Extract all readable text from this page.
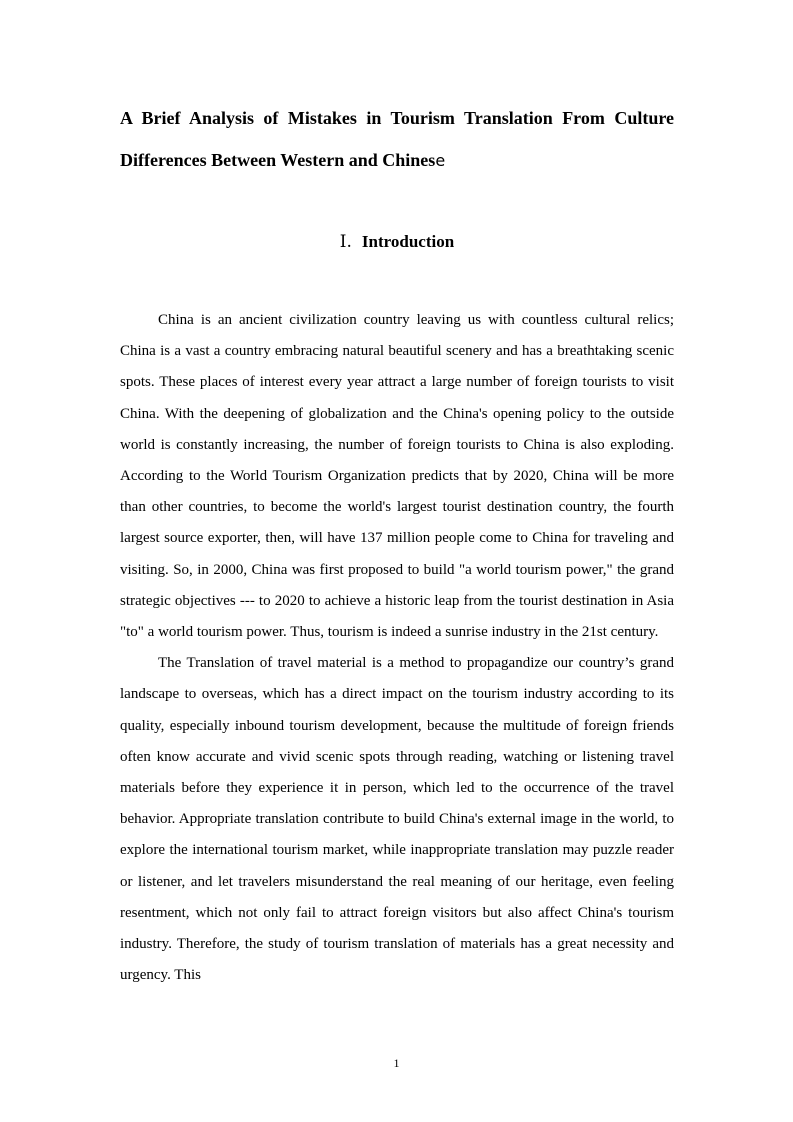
A Brief Analysis of Mistakes in Tourism Translation From Culture
Differences Between Western and Chinese
Ⅰ. Introduction

China is an ancient civilization country leaving us with countless cultural relics; China is a vast a country embracing natural beautiful scenery and has a breathtaking scenic spots. These places of interest every year attract a large number of foreign tourists to visit China. With the deepening of globalization and the China's opening policy to the outside world is constantly increasing, the number of foreign tourists to China is also exploding. According to the World Tourism Organization predicts that by 2020, China will be more than other countries, to become the world's largest tourist destination country, the fourth largest source exporter, then, will have 137 million people come to China for traveling and visiting. So, in 2000, China was first proposed to build "a world tourism power," the grand strategic objectives --- to 2020 to achieve a historic leap from the tourist destination in Asia "to" a world tourism power. Thus, tourism is indeed a sunrise industry in the 21st century.

The Translation of travel material is a method to propagandize our country’s grand landscape to overseas, which has a direct impact on the tourism industry according to its quality, especially inbound tourism development, because the multitude of foreign friends often know accurate and vivid scenic spots through reading, watching or listening travel materials before they experience it in person, which led to the occurrence of the travel behavior. Appropriate translation contribute to build China's external image in the world, to explore the international tourism market, while inappropriate translation may puzzle reader or listener, and let travelers misunderstand the real meaning of our heritage, even feeling resentment, which not only fail to attract foreign visitors but also affect China's tourism industry. Therefore, the study of tourism translation of materials has a great necessity and urgency. This

1
